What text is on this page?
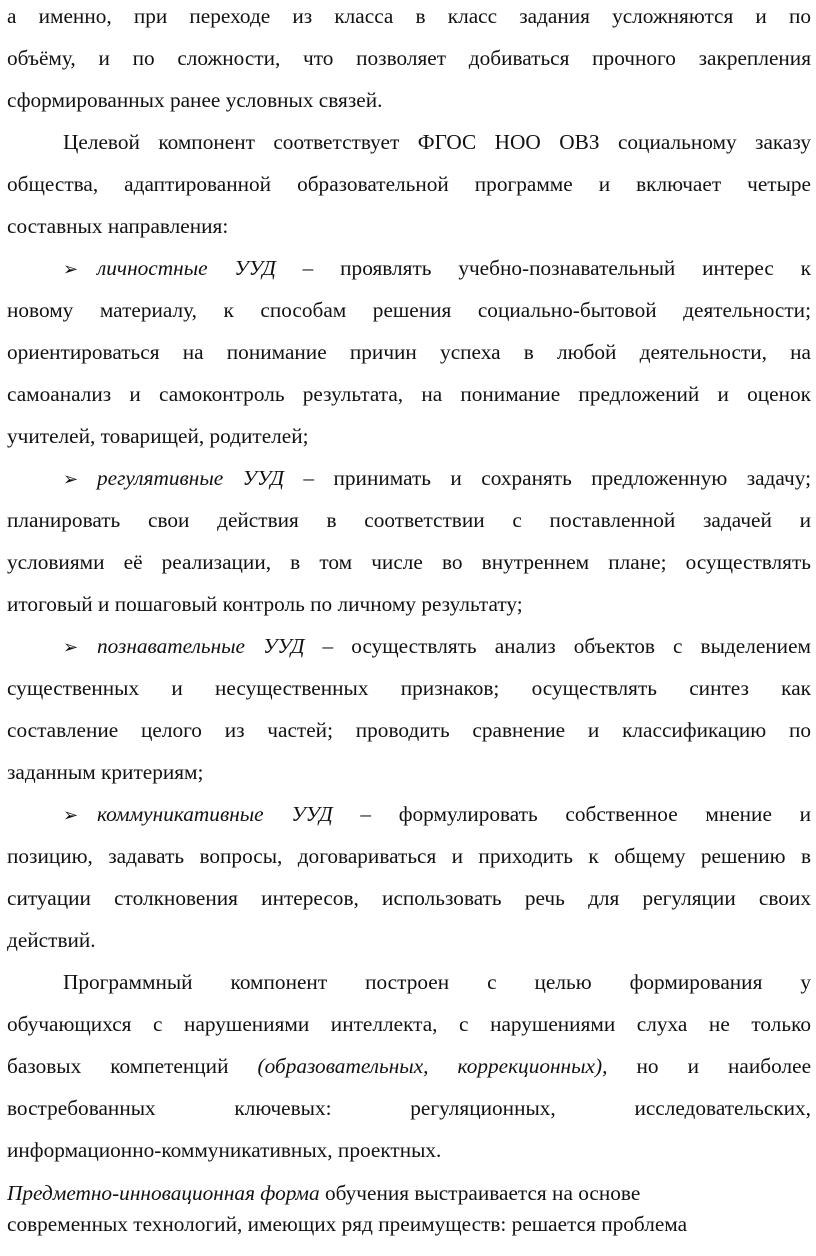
а именно, при переходе из класса в класс задания усложняются и по
объёму, и по сложности, что позволяет добиваться прочного закрепления
сформированных ранее условных связей.
Целевой компонент соответствует ФГОС НОО ОВЗ социальному заказу
общества, адаптированной образовательной программе и включает четыре
составных направления:
➢ личностные УУД – проявлять учебно-познавательный интерес к
новому материалу, к способам решения социально-бытовой деятельности;
ориентироваться на понимание причин успеха в любой деятельности, на
самоанализ и самоконтроль результата, на понимание предложений и оценок
учителей, товарищей, родителей;
➢ регулятивные УУД – принимать и сохранять предложенную задачу;
планировать свои действия в соответствии с поставленной задачей и
условиями её реализации, в том числе во внутреннем плане; осуществлять
итоговый и пошаговый контроль по личному результату;
➢ познавательные УУД – осуществлять анализ объектов с выделением
существенных и несущественных признаков; осуществлять синтез как
составление целого из частей; проводить сравнение и классификацию по
заданным критериям;
➢ коммуникативные УУД – формулировать собственное мнение и
позицию, задавать вопросы, договариваться и приходить к общему решению в
ситуации столкновения интересов, использовать речь для регуляции своих
действий.
Программный компонент построен с целью формирования у
обучающихся с нарушениями интеллекта, с нарушениями слуха не только
базовых компетенций (образовательных, коррекционных), но и наиболее
востребованных ключевых: регуляционных, исследовательских,
информационно-коммуникативных, проектных.
Предметно-инновационная форма обучения выстраивается на основе
современных технологий, имеющих ряд преимуществ: решается проблема
